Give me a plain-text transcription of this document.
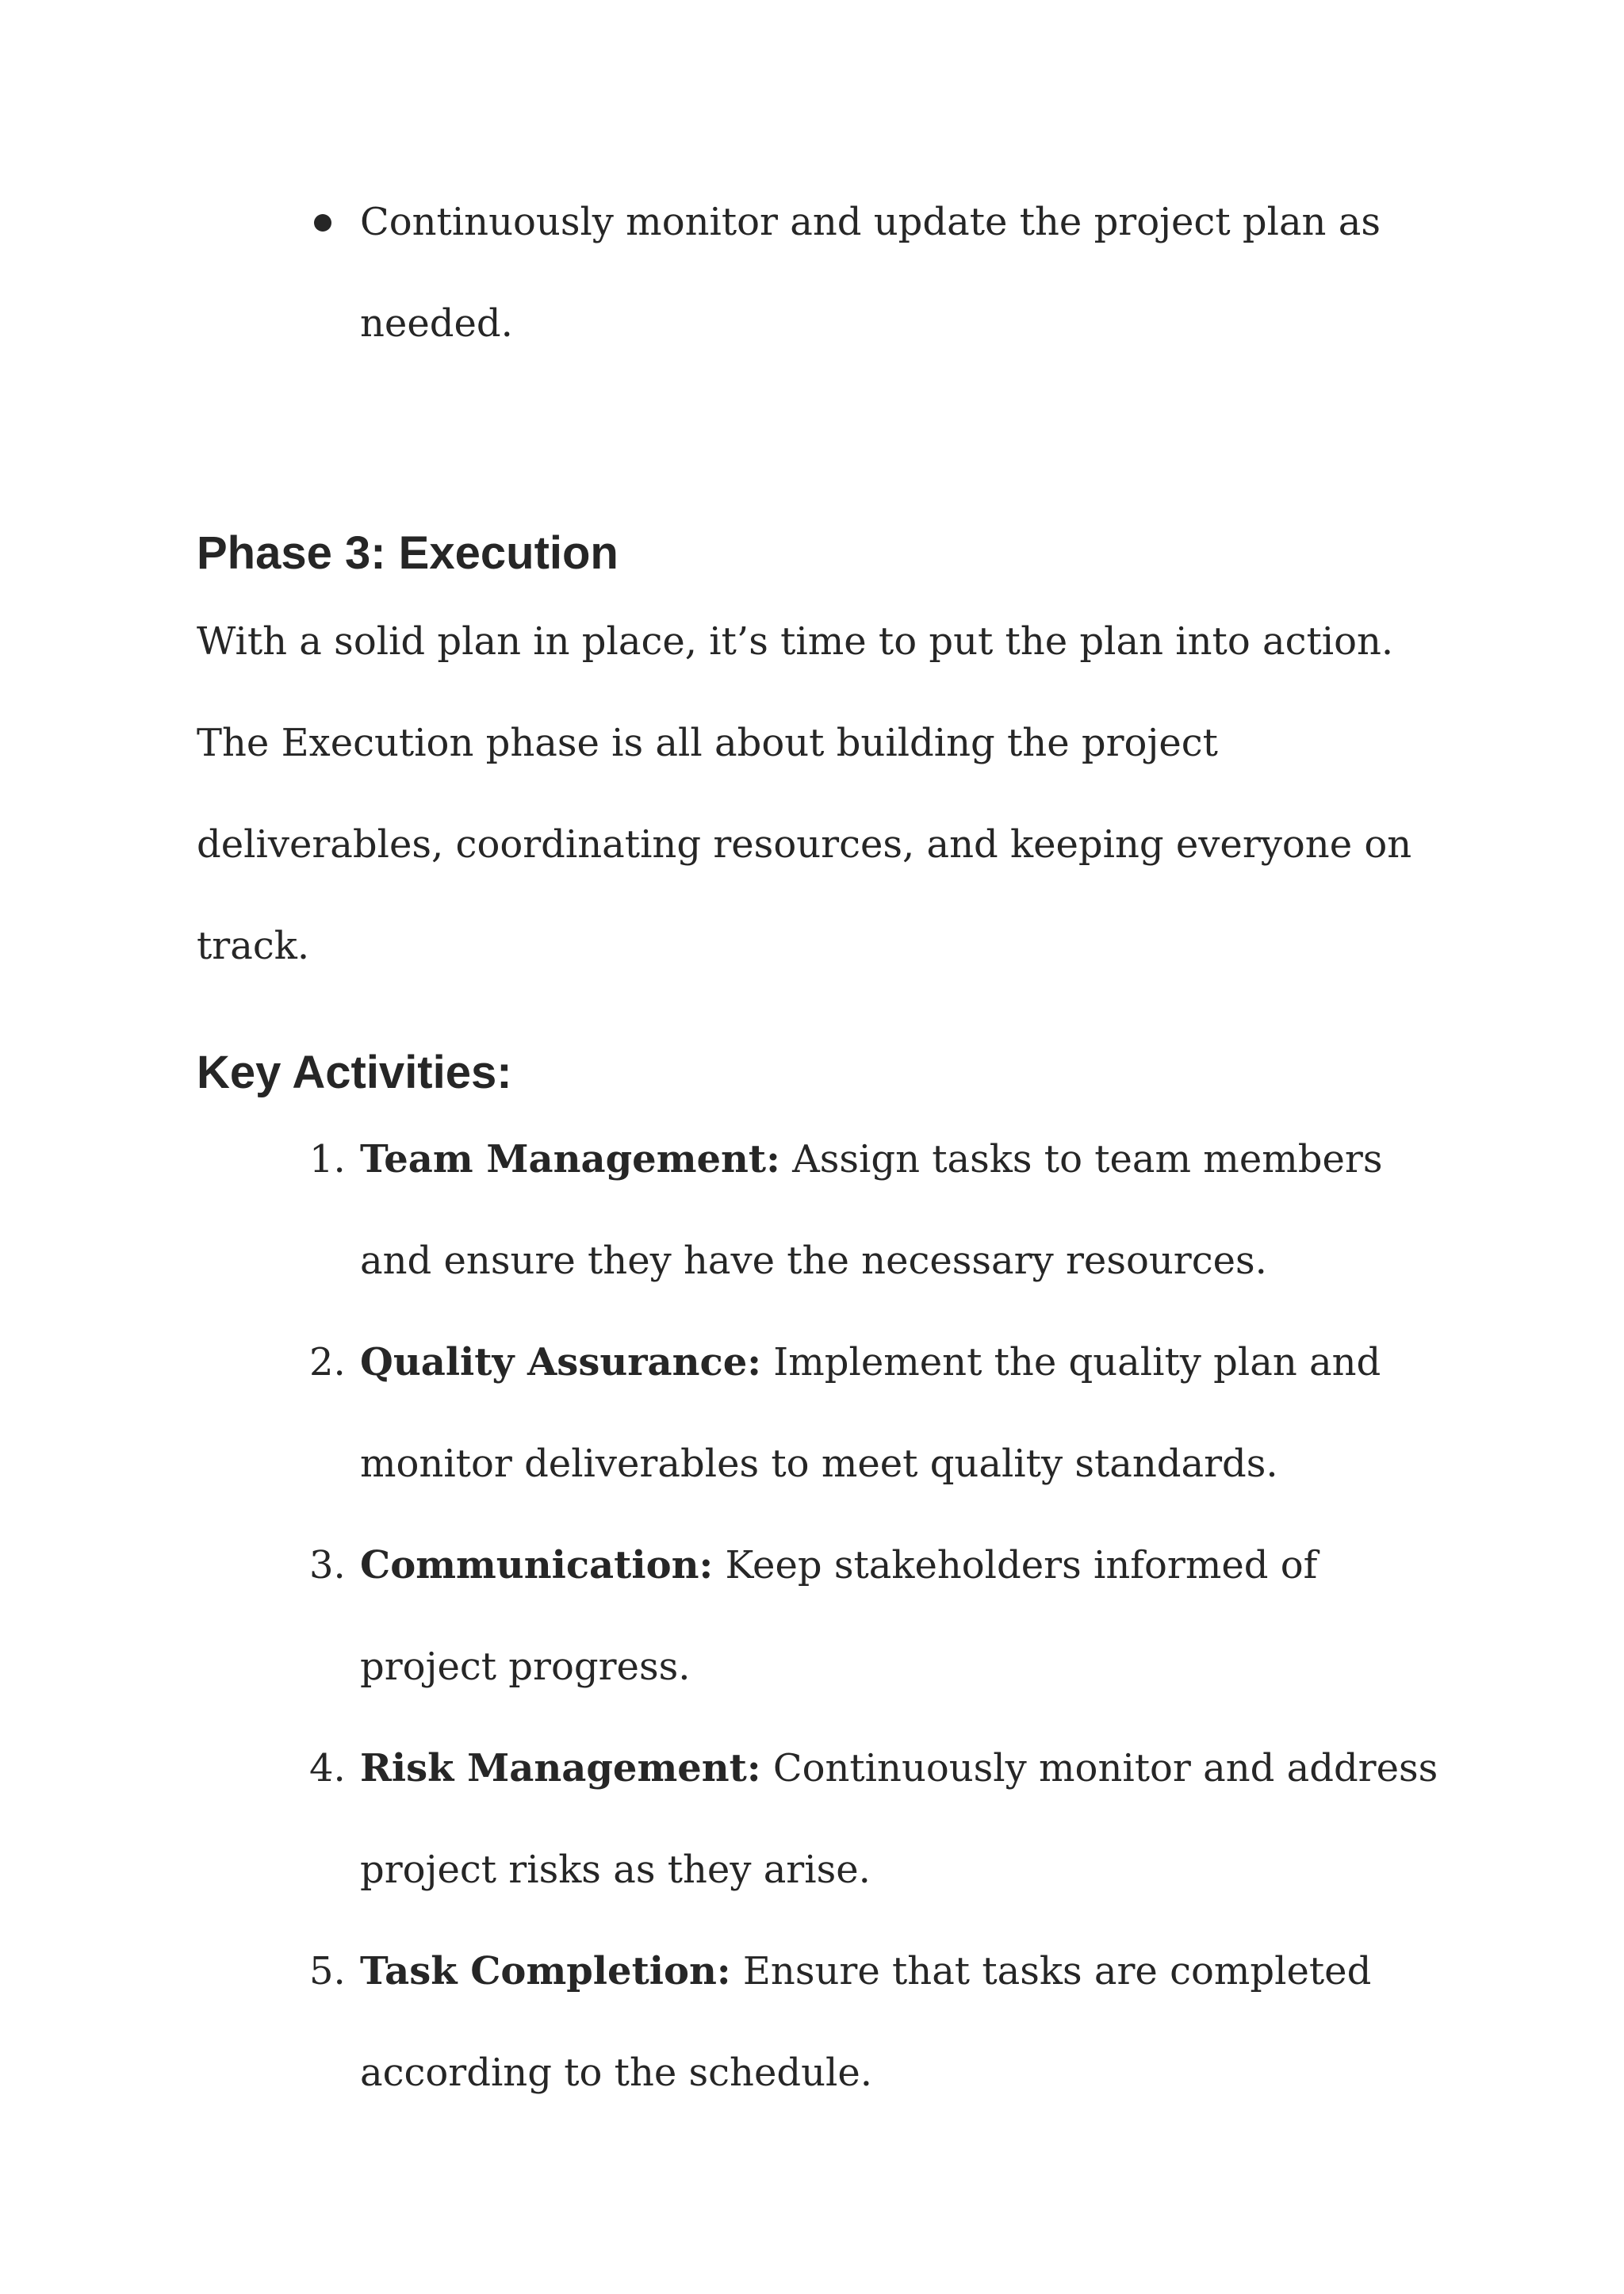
Continuously monitor and update the project plan as needed.
Phase 3: Execution

With a solid plan in place, it’s time to put the plan into action. The Execution phase is all about building the project deliverables, coordinating resources, and keeping everyone on track.

Key Activities:
1. Team Management: Assign tasks to team members and ensure they have the necessary resources.
2. Quality Assurance: Implement the quality plan and monitor deliverables to meet quality standards.
3. Communication: Keep stakeholders informed of project progress.
4. Risk Management: Continuously monitor and address project risks as they arise.
5. Task Completion: Ensure that tasks are completed according to the schedule.
